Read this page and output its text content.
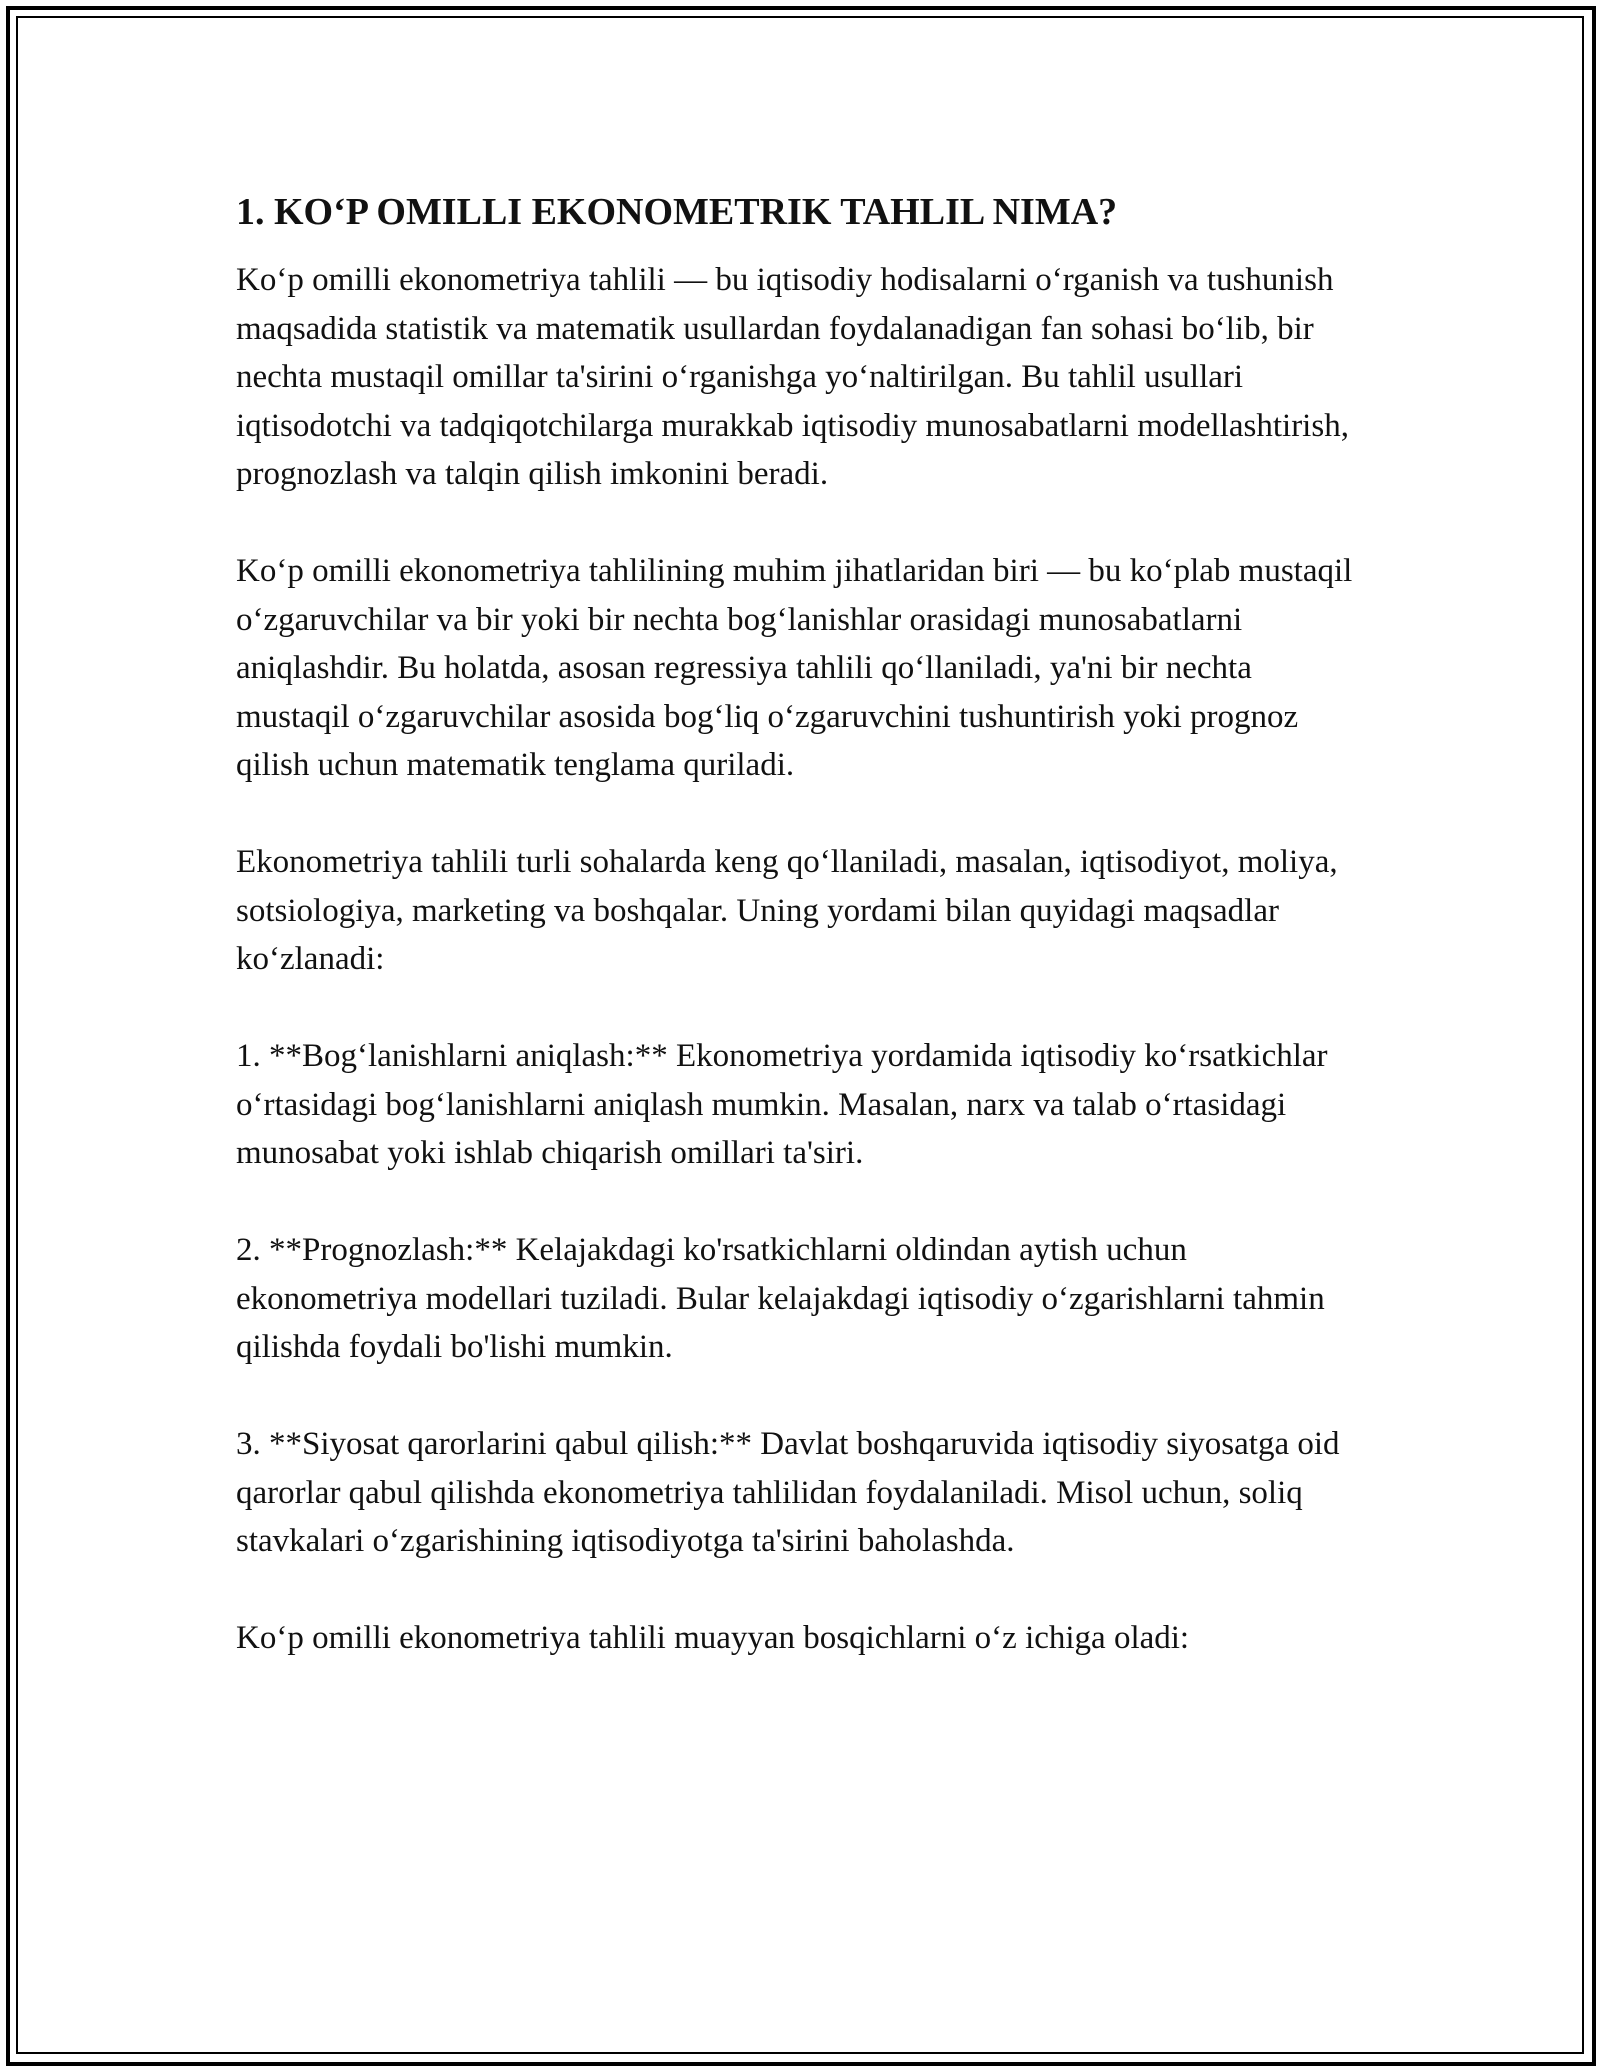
1. KO‘P OMILLI EKONOMETRIK TAHLIL NIMA?

Ko‘p omilli ekonometriya tahlili — bu iqtisodiy hodisalarni o‘rganish va tushunish maqsadida statistik va matematik usullardan foydalanadigan fan sohasi bo‘lib, bir nechta mustaqil omillar ta'sirini o‘rganishga yo‘naltirilgan. Bu tahlil usullari iqtisodotchi va tadqiqotchilarga murakkab iqtisodiy munosabatlarni modellashtirish, prognozlash va talqin qilish imkonini beradi.

Ko‘p omilli ekonometriya tahlilining muhim jihatlaridan biri — bu ko‘plab mustaqil o‘zgaruvchilar va bir yoki bir nechta bog‘lanishlar orasidagi munosabatlarni aniqlashdir. Bu holatda, asosan regressiya tahlili qo‘llaniladi, ya'ni bir nechta mustaqil o‘zgaruvchilar asosida bog‘liq o‘zgaruvchini tushuntirish yoki prognoz qilish uchun matematik tenglama quriladi.

Ekonometriya tahlili turli sohalarda keng qo‘llaniladi, masalan, iqtisodiyot, moliya, sotsiologiya, marketing va boshqalar. Uning yordami bilan quyidagi maqsadlar ko‘zlanadi:

1. **Bog‘lanishlarni aniqlash:** Ekonometriya yordamida iqtisodiy ko‘rsatkichlar o‘rtasidagi bog‘lanishlarni aniqlash mumkin. Masalan, narx va talab o‘rtasidagi munosabat yoki ishlab chiqarish omillari ta'siri.

2. **Prognozlash:** Kelajakdagi ko'rsatkichlarni oldindan aytish uchun ekonometriya modellari tuziladi. Bular kelajakdagi iqtisodiy o‘zgarishlarni tahmin qilishda foydali bo'lishi mumkin.

3. **Siyosat qarorlarini qabul qilish:** Davlat boshqaruvida iqtisodiy siyosatga oid qarorlar qabul qilishda ekonometriya tahlilidan foydalaniladi. Misol uchun, soliq stavkalari o‘zgarishining iqtisodiyotga ta'sirini baholashda.

Ko‘p omilli ekonometriya tahlili muayyan bosqichlarni o‘z ichiga oladi:
